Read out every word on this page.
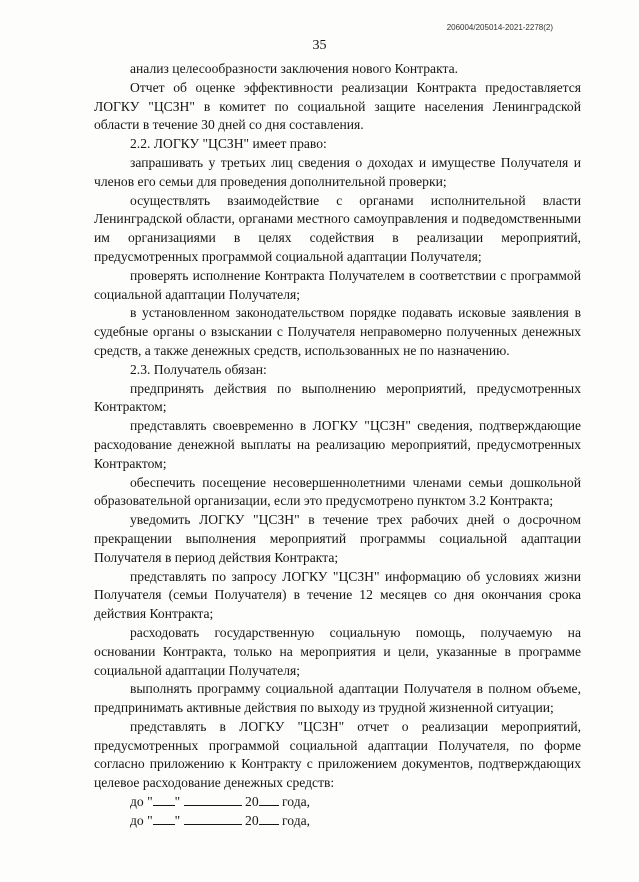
206004/205014-2021-2278(2)
35

анализ целесообразности заключения нового Контракта.

Отчет об оценке эффективности реализации Контракта предоставляется ЛОГКУ "ЦСЗН" в комитет по социальной защите населения Ленинградской области в течение 30 дней со дня составления.

2.2. ЛОГКУ "ЦСЗН" имеет право:

запрашивать у третьих лиц сведения о доходах и имуществе Получателя и членов его семьи для проведения дополнительной проверки;

осуществлять взаимодействие с органами исполнительной власти Ленинградской области, органами местного самоуправления и подведомственными им организациями в целях содействия в реализации мероприятий, предусмотренных программой социальной адаптации Получателя;

проверять исполнение Контракта Получателем в соответствии с программой социальной адаптации Получателя;

в установленном законодательством порядке подавать исковые заявления в судебные органы о взыскании с Получателя неправомерно полученных денежных средств, а также денежных средств, использованных не по назначению.

2.3. Получатель обязан:

предпринять действия по выполнению мероприятий, предусмотренных Контрактом;

представлять своевременно в ЛОГКУ "ЦСЗН" сведения, подтверждающие расходование денежной выплаты на реализацию мероприятий, предусмотренных Контрактом;

обеспечить посещение несовершеннолетними членами семьи дошкольной образовательной организации, если это предусмотрено пунктом 3.2 Контракта;

уведомить ЛОГКУ "ЦСЗН" в течение трех рабочих дней о досрочном прекращении выполнения мероприятий программы социальной адаптации Получателя в период действия Контракта;

представлять по запросу ЛОГКУ "ЦСЗН" информацию об условиях жизни Получателя (семьи Получателя) в течение 12 месяцев со дня окончания срока действия Контракта;

расходовать государственную социальную помощь, получаемую на основании Контракта, только на мероприятия и цели, указанные в программе социальной адаптации Получателя;

выполнять программу социальной адаптации Получателя в полном объеме, предпринимать активные действия по выходу из трудной жизненной ситуации;

представлять в ЛОГКУ "ЦСЗН" отчет о реализации мероприятий, предусмотренных программой социальной адаптации Получателя, по форме согласно приложению к Контракту с приложением документов, подтверждающих целевое расходование денежных средств:

до " "	20 года,

до " "	20 года,
